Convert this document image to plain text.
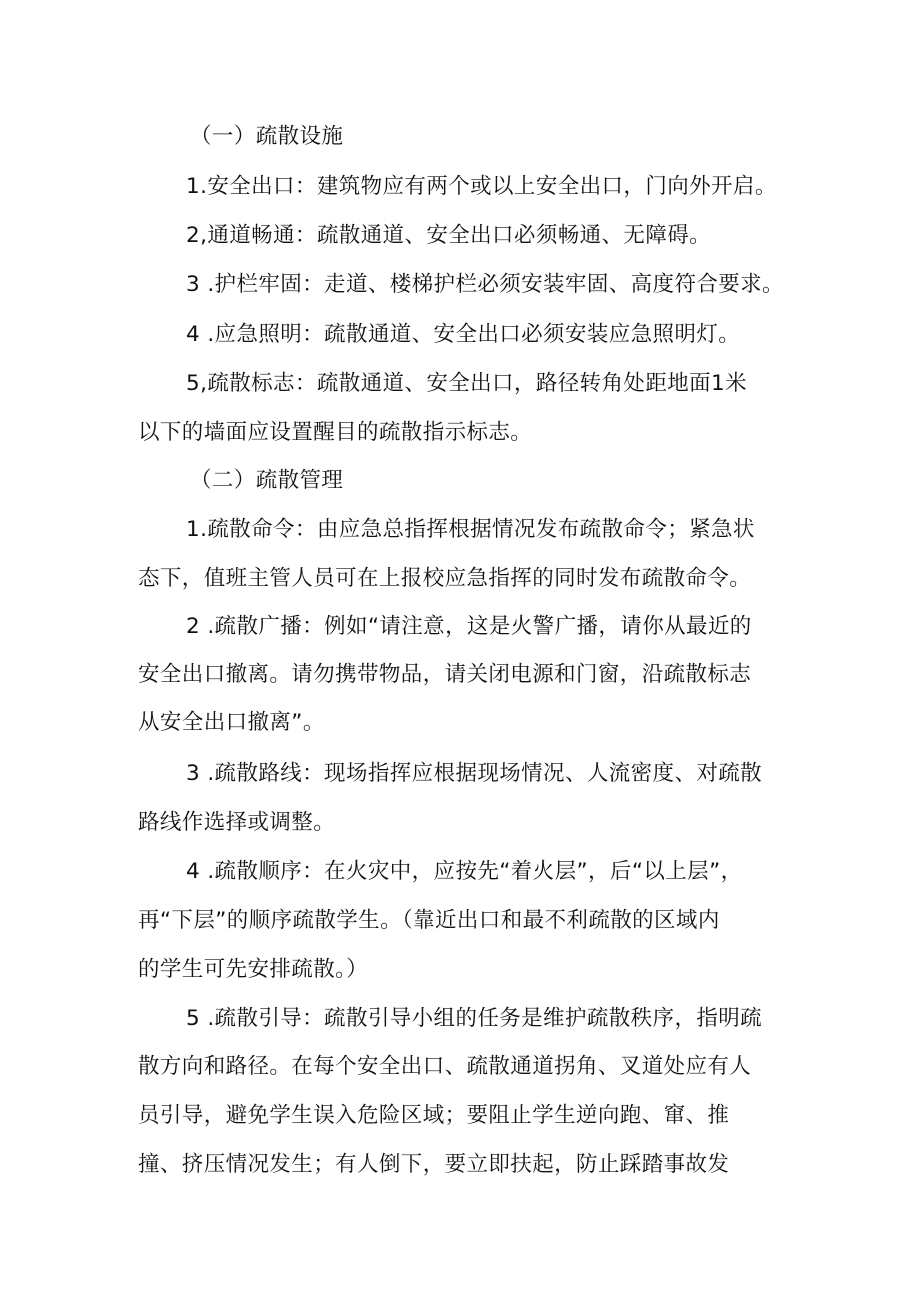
（一）疏散设施
1.安全出口：建筑物应有两个或以上安全出口，门向外开启。
2,通道畅通：疏散通道、安全出口必须畅通、无障碍。
3 .护栏牢固：走道、楼梯护栏必须安装牢固、高度符合要求。
4 .应急照明：疏散通道、安全出口必须安装应急照明灯。
5,疏散标志：疏散通道、安全出口，路径转角处距地面1米
以下的墙面应设置醒目的疏散指示标志。
（二）疏散管理
1.疏散命令：由应急总指挥根据情况发布疏散命令；紧急状
态下，值班主管人员可在上报校应急指挥的同时发布疏散命令。
2 .疏散广播：例如“请注意，这是火警广播，请你从最近的
安全出口撤离。请勿携带物品，请关闭电源和门窗，沿疏散标志
从安全出口撤离”。
3 .疏散路线：现场指挥应根据现场情况、人流密度、对疏散
路线作选择或调整。
4 .疏散顺序：在火灾中，应按先“着火层”，后“以上层”，
再“下层”的顺序疏散学生。（靠近出口和最不利疏散的区域内
的学生可先安排疏散。）
5 .疏散引导：疏散引导小组的任务是维护疏散秩序，指明疏
散方向和路径。在每个安全出口、疏散通道拐角、叉道处应有人
员引导，避免学生误入危险区域；要阻止学生逆向跑、窜、推
撞、挤压情况发生；有人倒下，要立即扶起，防止踩踏事故发
